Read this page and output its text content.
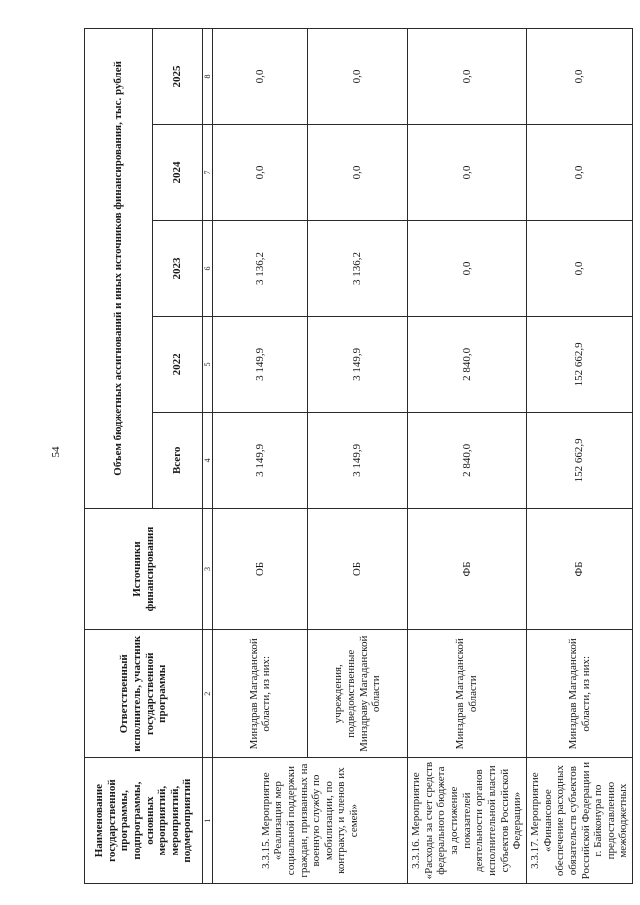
54
Наименование государственной программы, подпрограммы, основных мероприятий, мероприятий, подмероприятий	Ответственный исполнитель, участник государственной программы	Источники финансирования	Объем бюджетных ассигнований и иных источников финансирования, тыс. рублей				
			Всего	2022	2023	2024	2025
1	2	3	4	5	6	7	8
3.3.15. Мероприятие «Реализация мер социальной поддержки граждан, призванных на военную службу по мобилизации, по контракту, и членов их семей»	Минздрав Магаданской области, из них:	ОБ	3 149,9	3 149,9	3 136,2	0,0	0,0
	учреждения, подведомственные Минздраву Магаданской области	ОБ	3 149,9	3 149,9	3 136,2	0,0	0,0
3.3.16. Мероприятие «Расходы за счет средств федерального бюджета за достижение показателей деятельности органов исполнительной власти субъектов Российской Федерации»	Минздрав Магаданской области	ФБ	2 840,0	2 840,0	0,0	0,0	0,0
3.3.17. Мероприятие «Финансовое обеспечение расходных обязательств субъектов Российской Федерации и г. Байконура по предоставлению межбюджетных	Минздрав Магаданской области, из них:	ФБ	152 662,9	152 662,9	0,0	0,0	0,0
